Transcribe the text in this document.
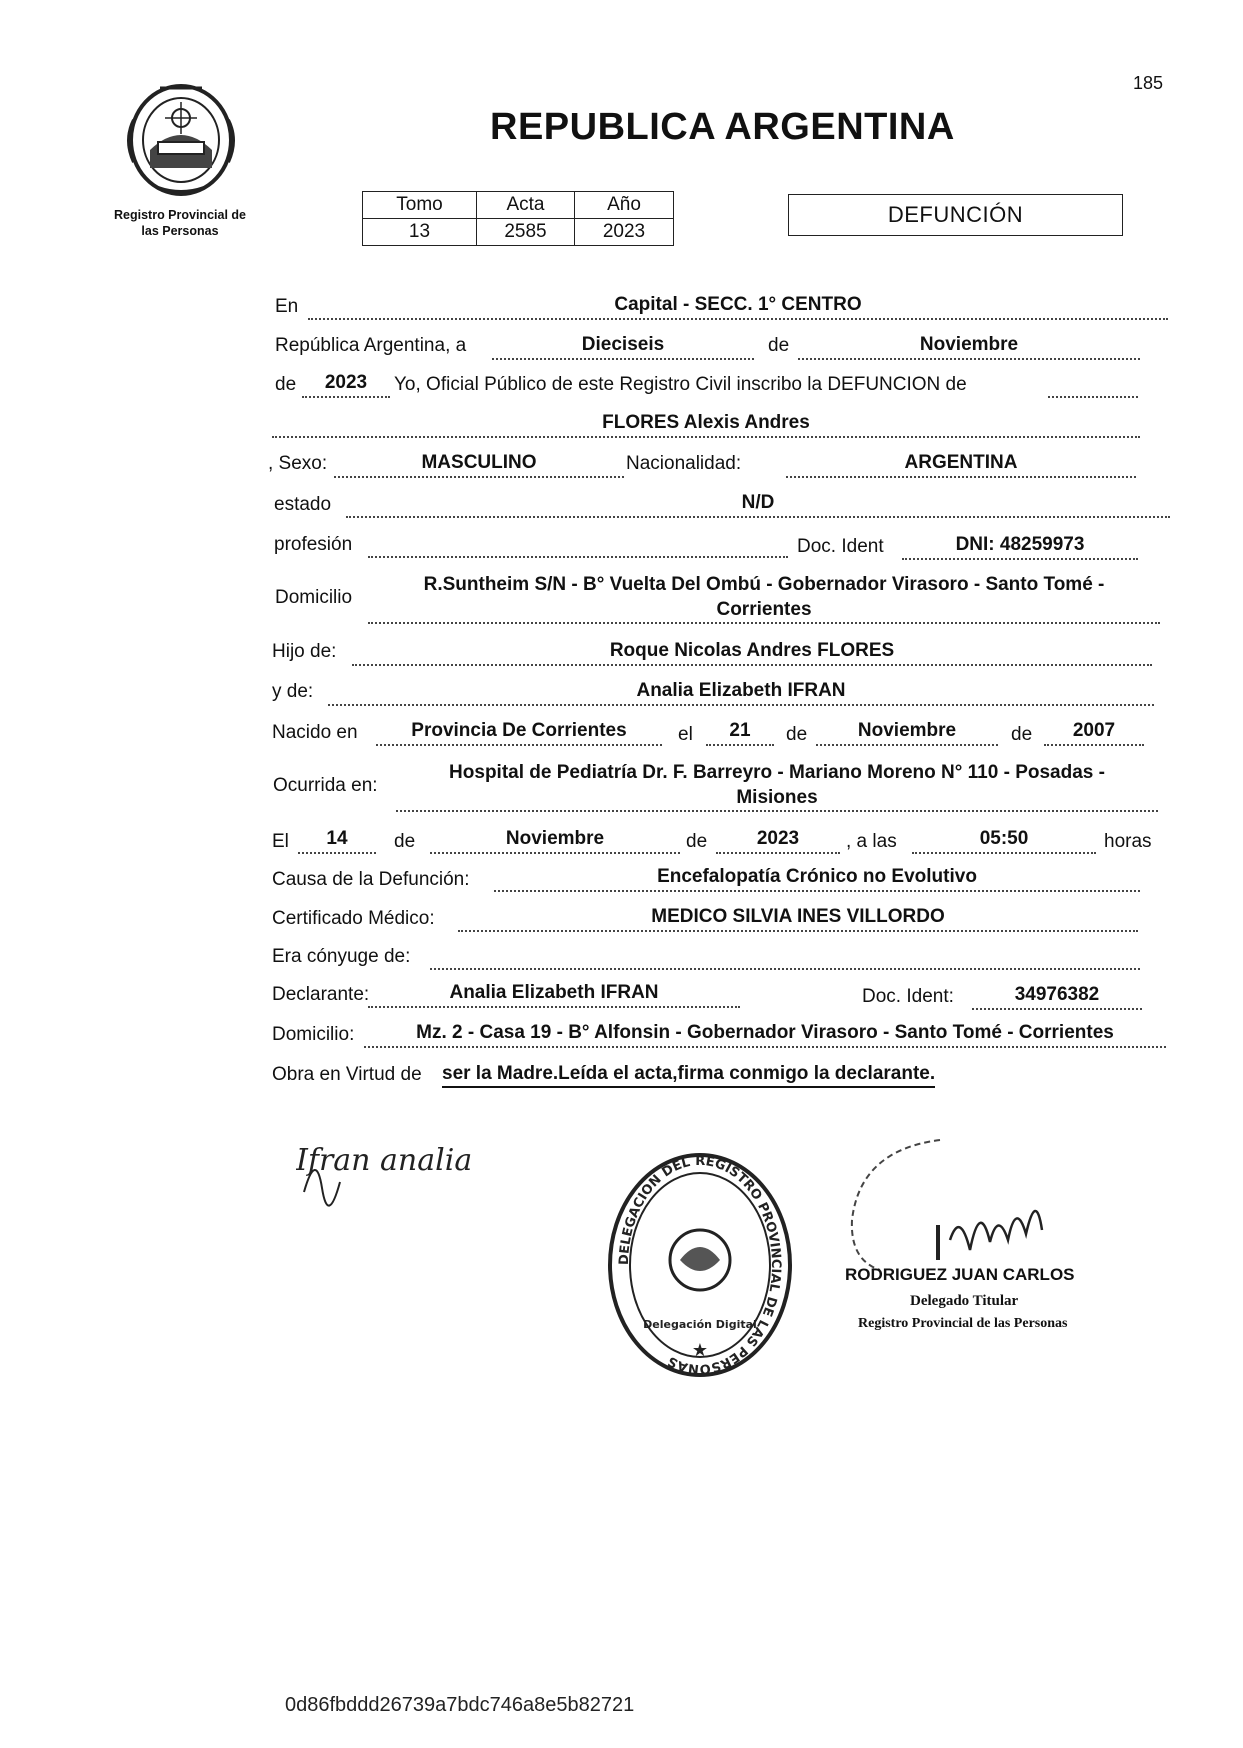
185
Registro Provincial de
las Personas
REPUBLICA ARGENTINA
Tomo	Acta	Año
13	2585	2023
DEFUNCIÓN
En	Capital - SECC. 1° CENTRO
República Argentina, a	Dieciseis	de	Noviembre
de	2023	Yo, Oficial Público de este Registro Civil inscribo la DEFUNCION de
FLORES Alexis Andres
, Sexo:	MASCULINO	Nacionalidad:	ARGENTINA
estado	N/D
profesión	Doc. Ident	DNI: 48259973
Domicilio
R.Suntheim S/N - B° Vuelta Del Ombú - Gobernador Virasoro - Santo Tomé -
Corrientes
Hijo de:	Roque Nicolas Andres FLORES
y de:	Analia Elizabeth IFRAN
Nacido en	Provincia De Corrientes	el	21	de	Noviembre	de	2007
Ocurrida en:
Hospital de Pediatría Dr. F. Barreyro - Mariano Moreno N° 110 - Posadas -
Misiones
El	14	de	Noviembre	de	2023	, a las	05:50	horas
Causa de la Defunción:	Encefalopatía Crónico no Evolutivo
Certificado Médico:	MEDICO SILVIA INES VILLORDO
Era cónyuge de:
Declarante:	Analia Elizabeth IFRAN	Doc. Ident:	34976382
Domicilio:	Mz. 2 - Casa 19 - B° Alfonsin - Gobernador Virasoro - Santo Tomé - Corrientes
Obra en Virtud de ser la Madre.Leída el acta,firma conmigo la declarante.
Ifran analia
DELEGACION DEL REGISTRO PROVINCIAL DE LAS PERSONAS
Delegación Digital
★
RODRIGUEZ JUAN CARLOS
Delegado Titular
Registro Provincial de las Personas
0d86fbddd26739a7bdc746a8e5b82721
